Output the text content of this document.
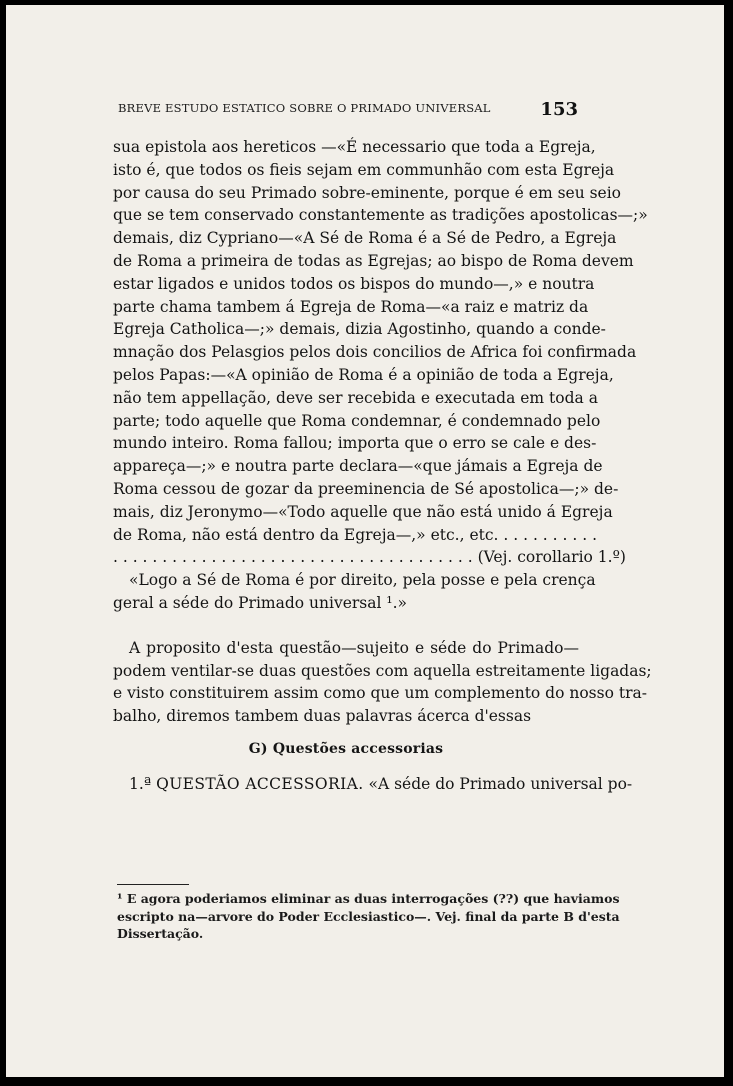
BREVE ESTUDO ESTATICO SOBRE O PRIMADO UNIVERSAL	153
sua epistola aos hereticos —«É necessario que toda a Egreja,
isto é, que todos os fieis sejam em communhão com esta Egreja
por causa do seu Primado sobre-eminente, porque é em seu seio
que se tem conservado constantemente as tradições apostolicas—;»
demais, diz Cypriano—«A Sé de Roma é a Sé de Pedro, a Egreja
de Roma a primeira de todas as Egrejas; ao bispo de Roma devem
estar ligados e unidos todos os bispos do mundo—,» e noutra
parte chama tambem á Egreja de Roma—«a raiz e matriz da
Egreja Catholica—;» demais, dizia Agostinho, quando a conde-
mnação dos Pelasgios pelos dois concilios de Africa foi confirmada
pelos Papas:—«A opinião de Roma é a opinião de toda a Egreja,
não tem appellação, deve ser recebida e executada em toda a
parte; todo aquelle que Roma condemnar, é condemnado pelo
mundo inteiro. Roma fallou; importa que o erro se cale e des-
appareça—;» e noutra parte declara—«que jámais a Egreja de
Roma cessou de gozar da preeminencia de Sé apostolica—;» de-
mais, diz Jeronymo—«Todo aquelle que não está unido á Egreja
de Roma, não está dentro da Egreja—,» etc., etc. . . . . . . . . . .
. . . . . . . . . . . . . . . . . . . . . . . . . . . . . . . . . . . . . (Vej. corollario 1.º)
«Logo a Sé de Roma é por direito, pela posse e pela crença
geral a séde do Primado universal ¹.»
A proposito d'esta questão—sujeito e séde do Primado—
podem ventilar-se duas questões com aquella estreitamente ligadas;
e visto constituirem assim como que um complemento do nosso tra-
balho, diremos tambem duas palavras ácerca d'essas
G) Questões accessorias
1.ª QUESTÃO ACCESSORIA. «A séde do Primado universal po-
¹ E agora poderiamos eliminar as duas interrogações (??) que haviamos
escripto na—arvore do Poder Ecclesiastico—. Vej. final da parte B d'esta
Dissertação.
